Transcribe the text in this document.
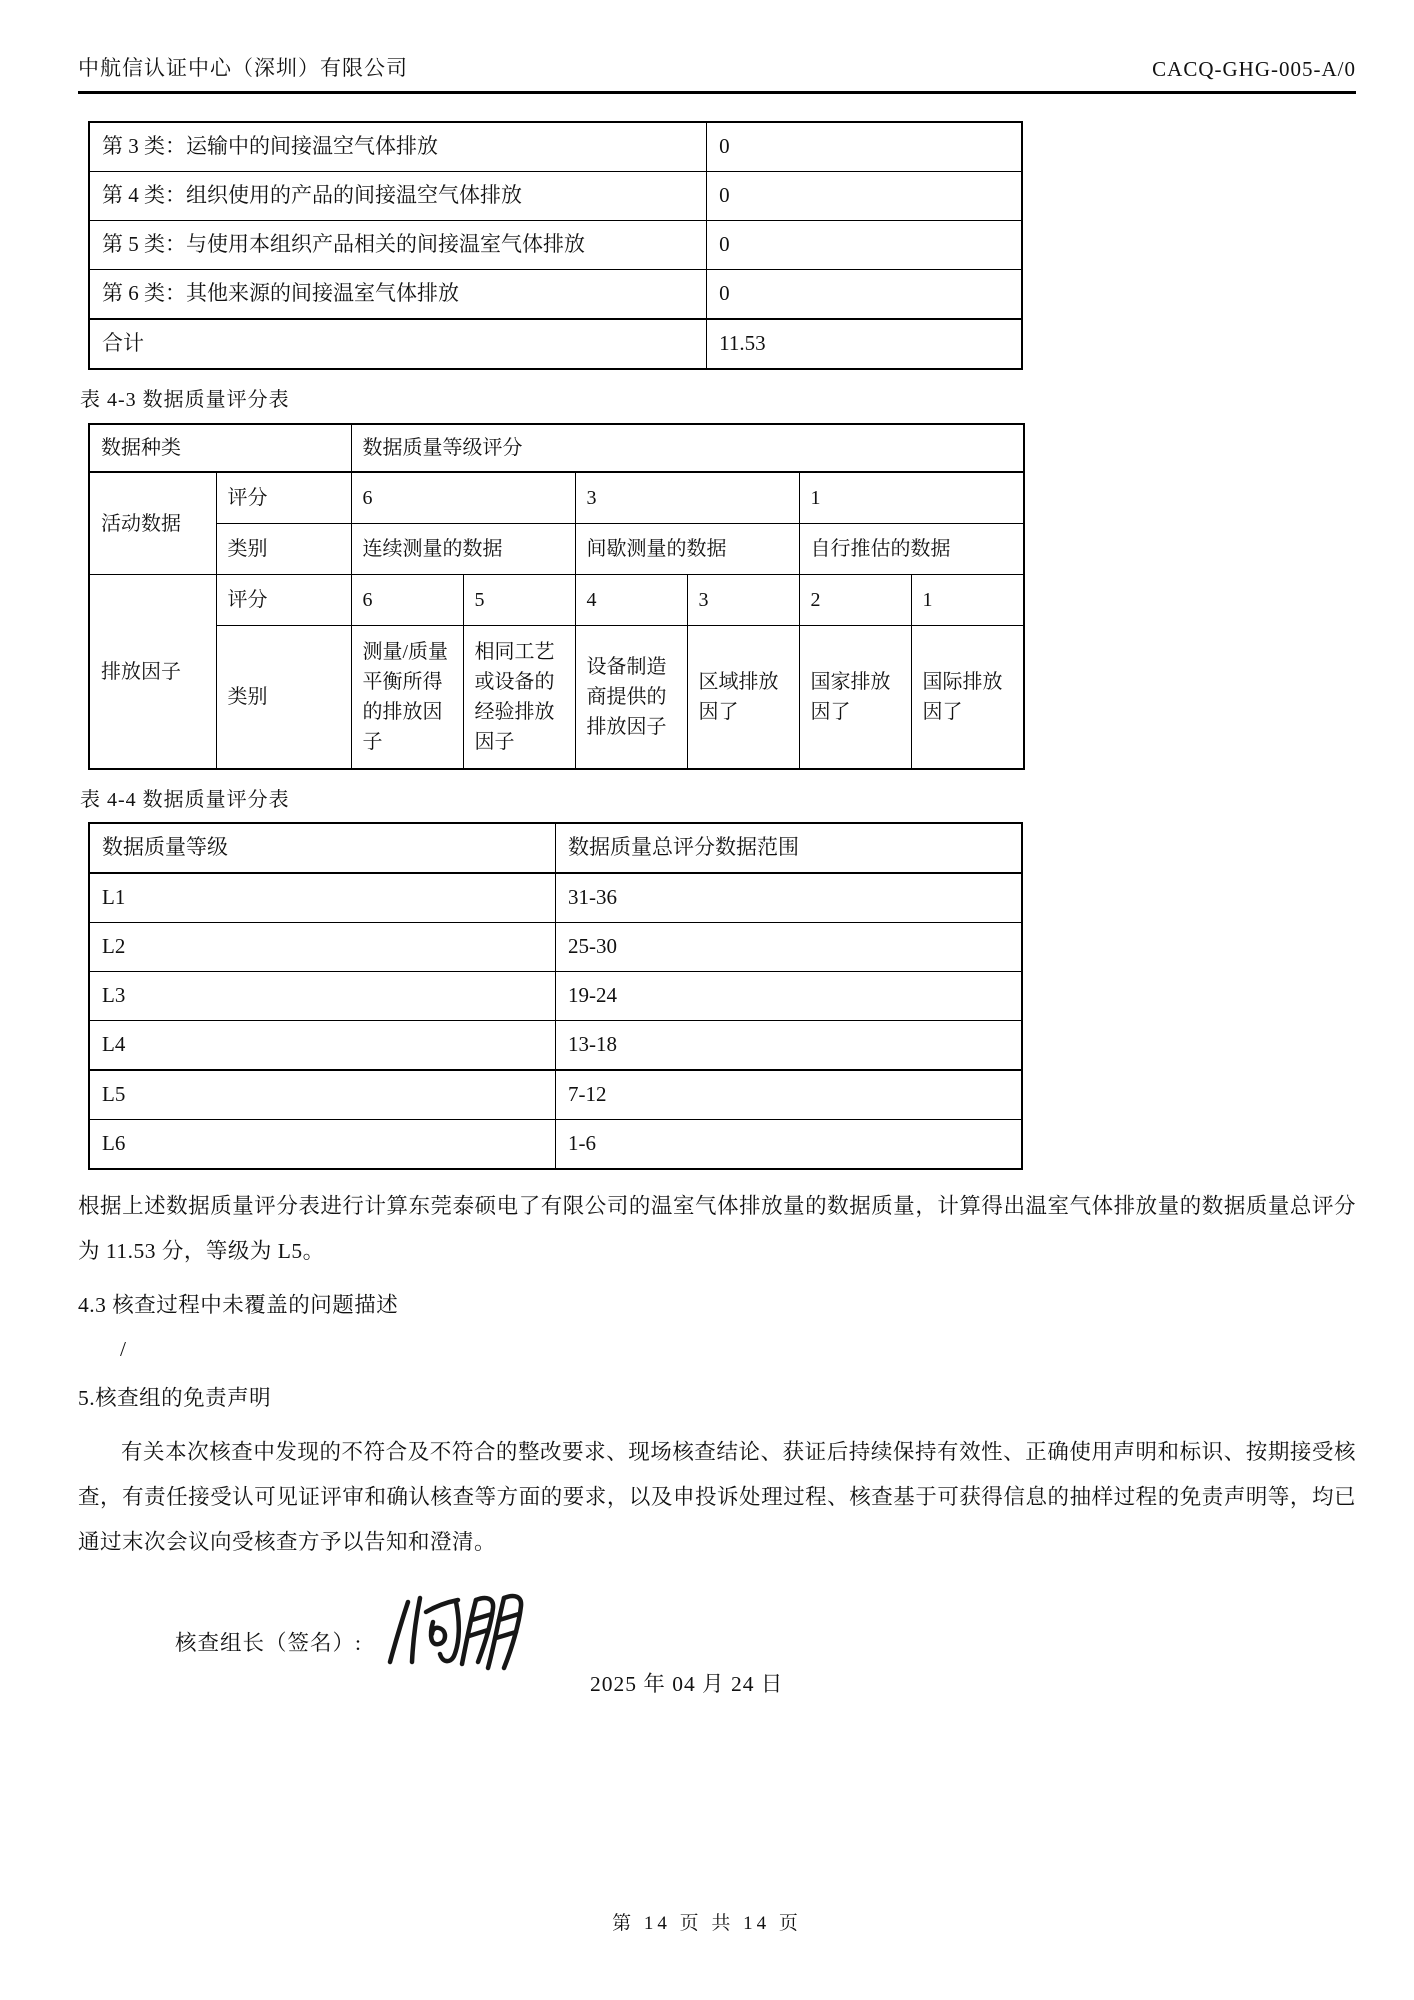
中航信认证中心（深圳）有限公司	CACQ-GHG-005-A/0
第 3 类：运输中的间接温空气体排放	0
第 4 类：组织使用的产品的间接温空气体排放	0
第 5 类：与使用本组织产品相关的间接温室气体排放	0
第 6 类：其他来源的间接温室气体排放	0
合计	11.53
表 4-3 数据质量评分表
数据种类		数据质量等级评分					
活动数据	评分	6		3		1	
	类别	连续测量的数据		间歇测量的数据		自行推估的数据	
排放因子	评分	6	5	4	3	2	1
	类别	测量/质量平衡所得的排放因子	相同工艺或设备的经验排放因子	设备制造商提供的排放因子	区域排放因了	国家排放因了	国际排放因了
表 4-4 数据质量评分表
数据质量等级	数据质量总评分数据范围
L1	31-36
L2	25-30
L3	19-24
L4	13-18
L5	7-12
L6	1-6

根据上述数据质量评分表进行计算东莞泰硕电了有限公司的温室气体排放量的数据质量，计算得出温室气体排放量的数据质量总评分为 11.53 分，等级为 L5。

4.3 核查过程中未覆盖的问题描述
/
5.核查组的免责声明

有关本次核查中发现的不符合及不符合的整改要求、现场核查结论、获证后持续保持有效性、正确使用声明和标识、按期接受核查，有责任接受认可见证评审和确认核查等方面的要求，以及申投诉处理过程、核查基于可获得信息的抽样过程的免责声明等，均已通过末次会议向受核查方予以告知和澄清。

核查组长（签名）:
2025 年 04 月 24 日
第 14 页 共 14 页
